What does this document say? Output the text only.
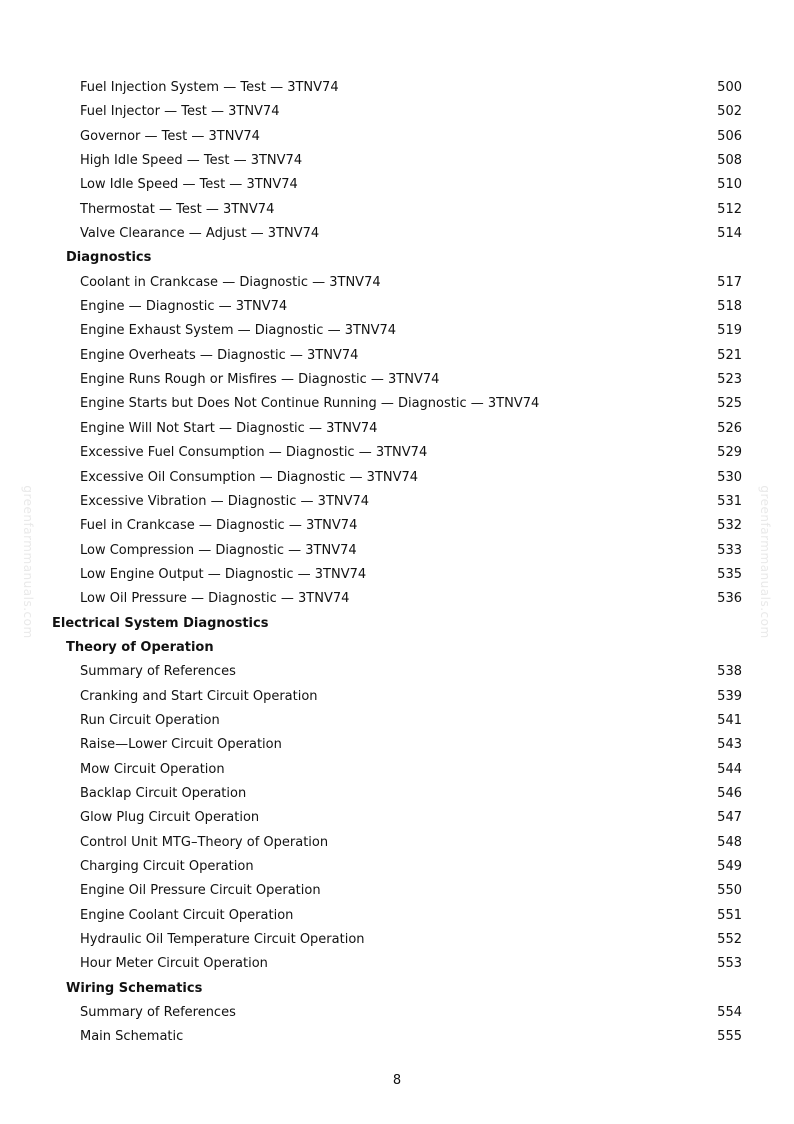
Fuel Injection System — Test — 3TNV74	500
Fuel Injector — Test — 3TNV74	502
Governor — Test — 3TNV74	506
High Idle Speed — Test — 3TNV74	508
Low Idle Speed — Test — 3TNV74	510
Thermostat — Test — 3TNV74	512
Valve Clearance — Adjust — 3TNV74	514
Diagnostics
Coolant in Crankcase — Diagnostic — 3TNV74	517
Engine — Diagnostic — 3TNV74	518
Engine Exhaust System — Diagnostic — 3TNV74	519
Engine Overheats — Diagnostic — 3TNV74	521
Engine Runs Rough or Misfires — Diagnostic — 3TNV74	523
Engine Starts but Does Not Continue Running — Diagnostic — 3TNV74	525
Engine Will Not Start — Diagnostic — 3TNV74	526
Excessive Fuel Consumption — Diagnostic — 3TNV74	529
Excessive Oil Consumption — Diagnostic — 3TNV74	530
Excessive Vibration — Diagnostic — 3TNV74	531
Fuel in Crankcase — Diagnostic — 3TNV74	532
Low Compression — Diagnostic — 3TNV74	533
Low Engine Output — Diagnostic — 3TNV74	535
Low Oil Pressure — Diagnostic — 3TNV74	536
Electrical System Diagnostics
Theory of Operation
Summary of References	538
Cranking and Start Circuit Operation	539
Run Circuit Operation	541
Raise—Lower Circuit Operation	543
Mow Circuit Operation	544
Backlap Circuit Operation	546
Glow Plug Circuit Operation	547
Control Unit MTG–Theory of Operation	548
Charging Circuit Operation	549
Engine Oil Pressure Circuit Operation	550
Engine Coolant Circuit Operation	551
Hydraulic Oil Temperature Circuit Operation	552
Hour Meter Circuit Operation	553
Wiring Schematics
Summary of References	554
Main Schematic	555
greenfarmmanuals.com	greenfarmmanuals.com
8
